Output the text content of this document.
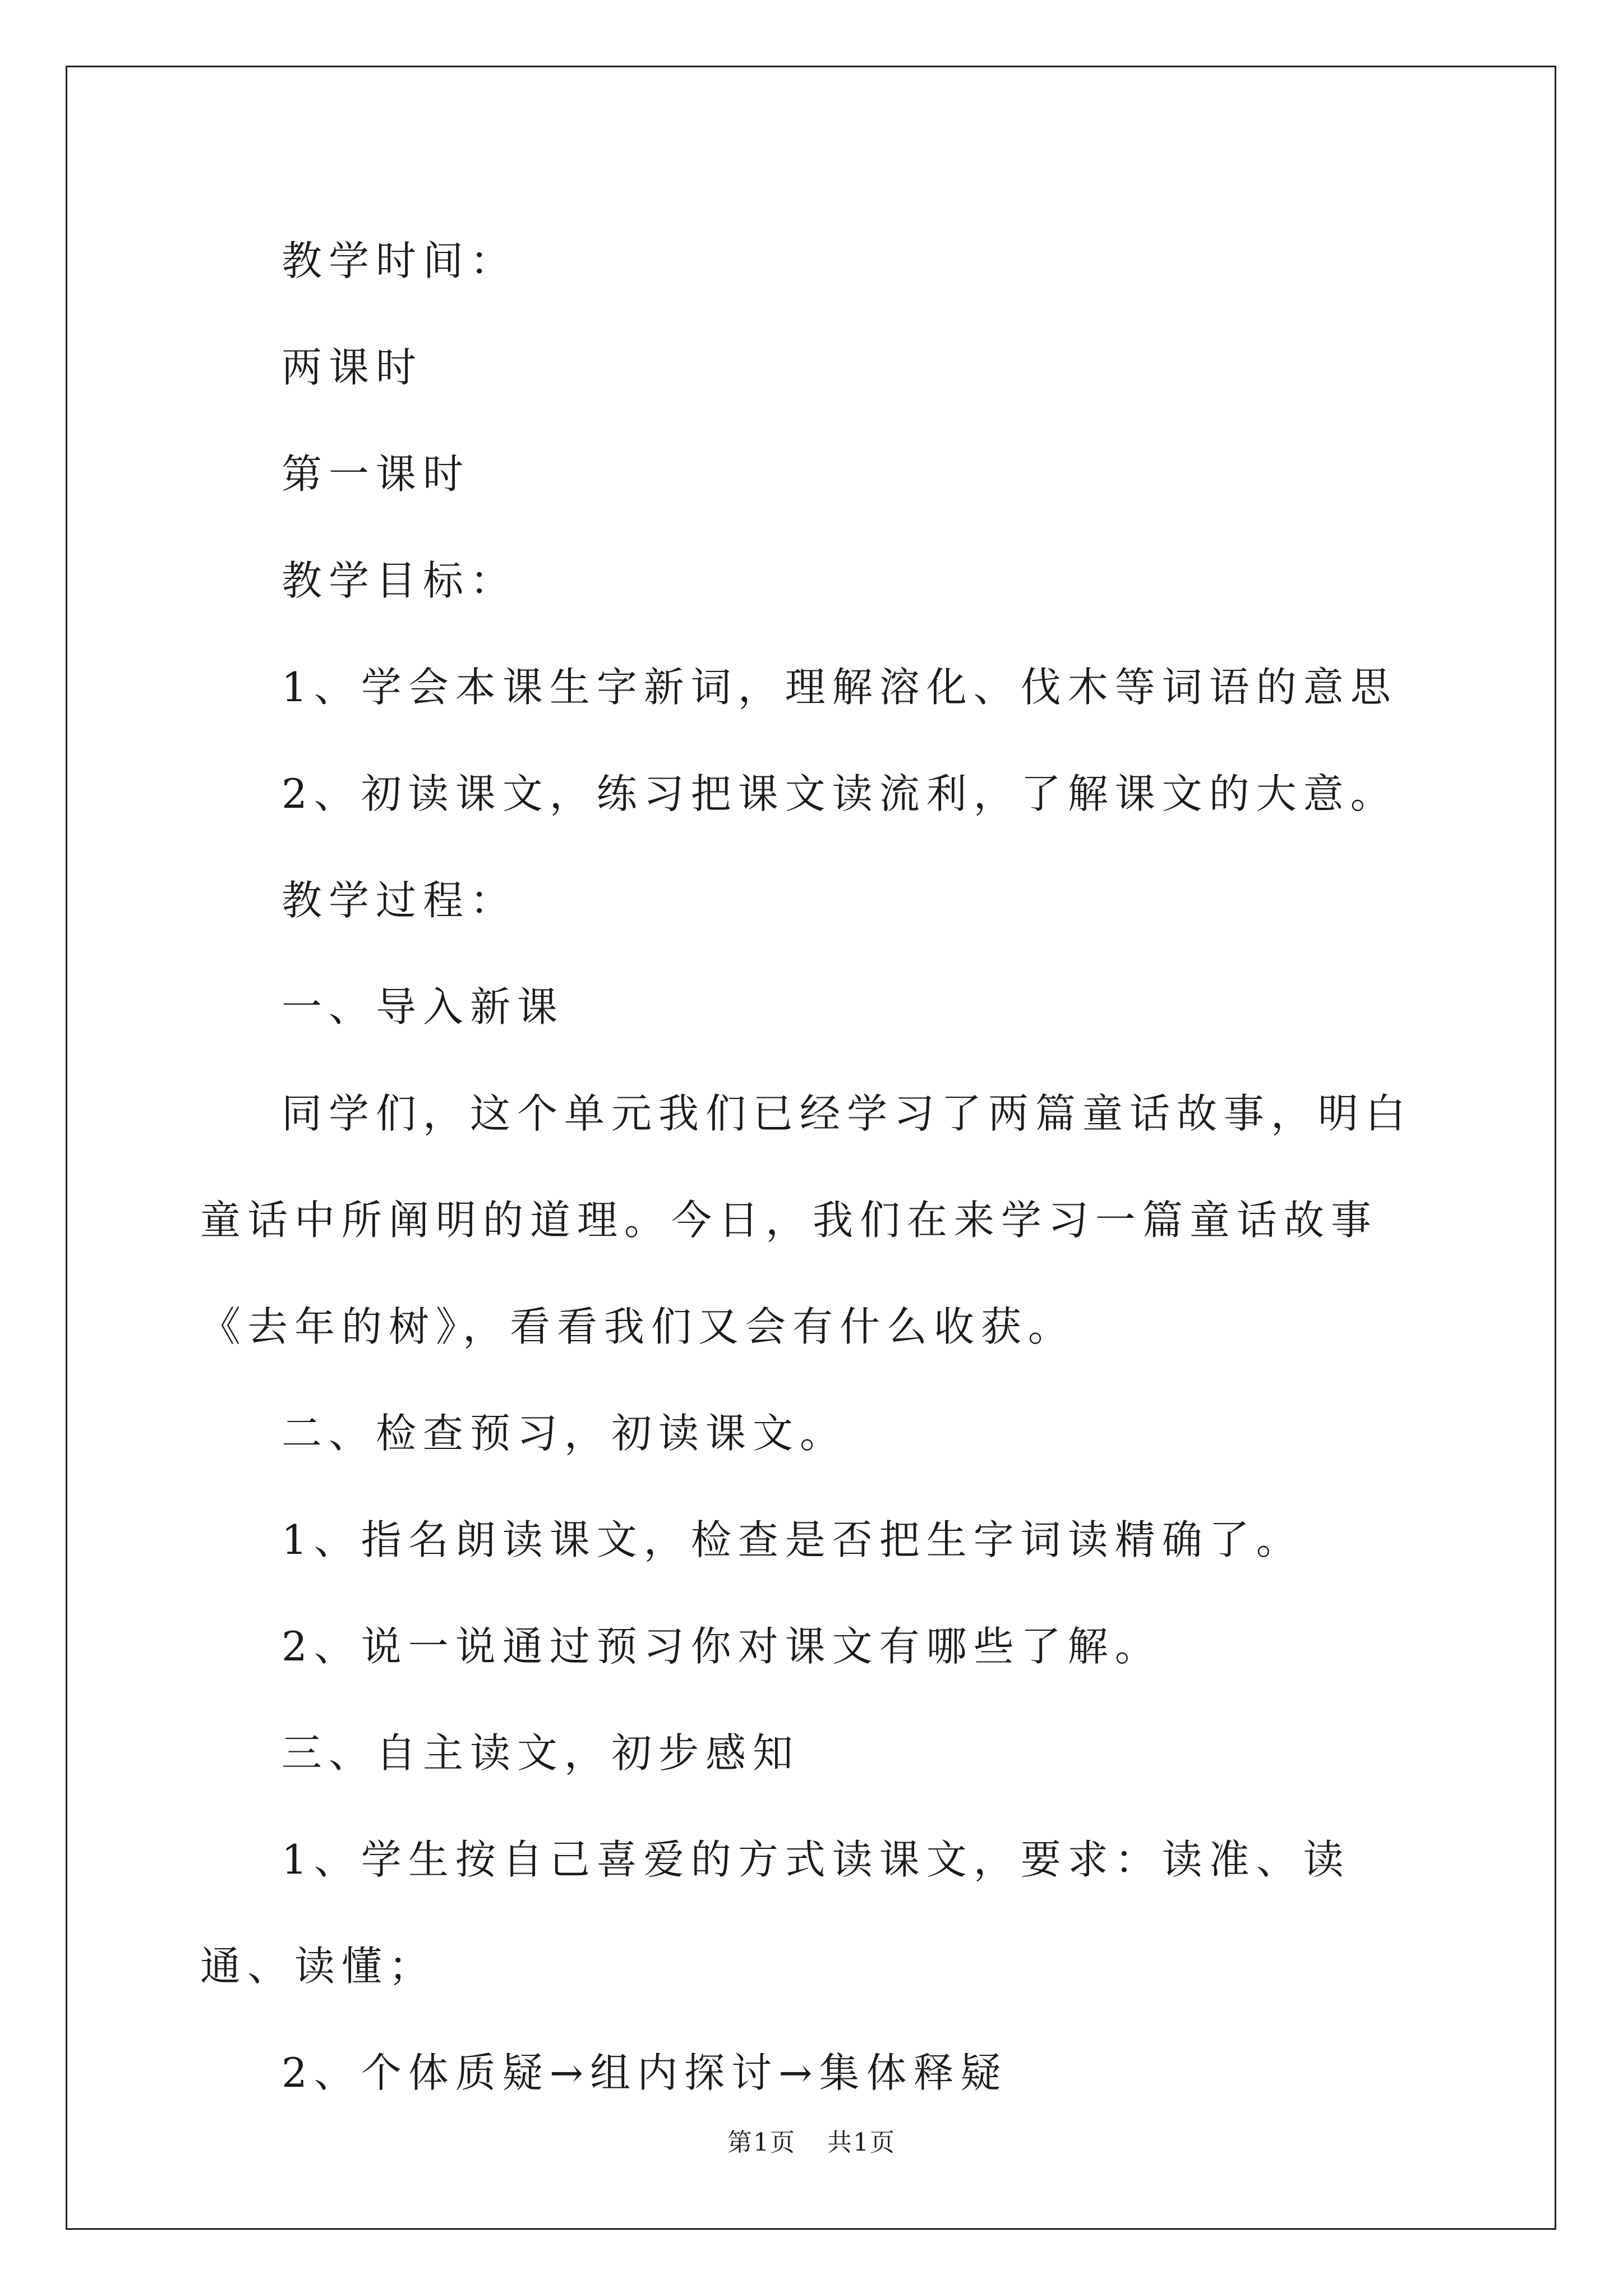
教学时间：

两课时

第一课时

教学目标：

1、学会本课生字新词，理解溶化、伐木等词语的意思

2、初读课文，练习把课文读流利，了解课文的大意。

教学过程：

一、导入新课

同学们，这个单元我们已经学习了两篇童话故事，明白童话中所阐明的道理。今日，我们在来学习一篇童话故事《去年的树》，看看我们又会有什么收获。

二、检查预习，初读课文。

1、指名朗读课文，检查是否把生字词读精确了。

2、说一说通过预习你对课文有哪些了解。

三、自主读文，初步感知

1、学生按自己喜爱的方式读课文，要求：读准、读通、读懂；

2、个体质疑→组内探讨→集体释疑

第1页 共1页
